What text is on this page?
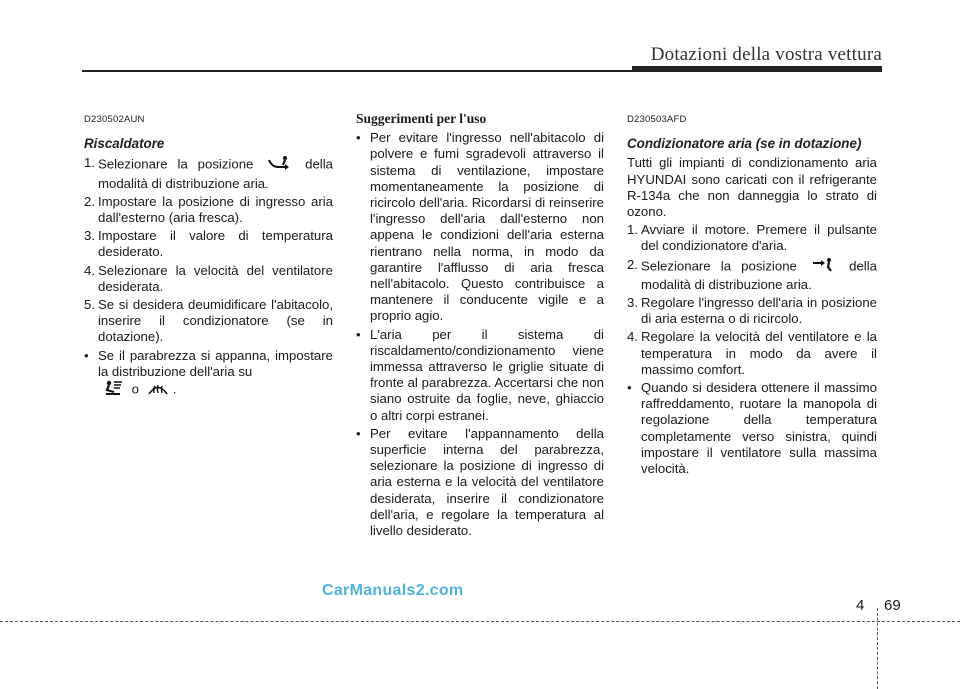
Dotazioni della vostra vettura
D230502AUN
Riscaldatore
1. Selezionare la posizione	della modalità di distribuzione aria.
2. Impostare la posizione di ingresso aria dall'esterno (aria fresca).
3. Impostare il valore di temperatura desiderato.
4. Selezionare la velocità del ventilatore desiderata.
5. Se si desidera deumidificare l'abitacolo, inserire il condizionatore (se in dotazione).
• Se il parabrezza si appanna, impostare la distribuzione dell'aria su
o	.
Suggerimenti per l'uso
• Per evitare l'ingresso nell'abitacolo di polvere e fumi sgradevoli attraverso il sistema di ventilazione, impostare momentaneamente la posizione di ricircolo dell'aria. Ricordarsi di reinserire l'ingresso dell'aria dall'esterno non appena le condizioni dell'aria esterna rientrano nella norma, in modo da garantire l'afflusso di aria fresca nell'abitacolo. Questo contribuisce a mantenere il conducente vigile e a proprio agio.
• L'aria per il sistema di riscaldamento/condizionamento viene immessa attraverso le griglie situate di fronte al parabrezza. Accertarsi che non siano ostruite da foglie, neve, ghiaccio o altri corpi estranei.
• Per evitare l'appannamento della superficie interna del parabrezza, selezionare la posizione di ingresso di aria esterna e la velocità del ventilatore desiderata, inserire il condizionatore dell'aria, e regolare la temperatura al livello desiderato.
D230503AFD
Condizionatore aria (se in dotazione)
Tutti gli impianti di condizionamento aria HYUNDAI sono caricati con il refrigerante R-134a che non danneggia lo strato di ozono.
1. Avviare il motore. Premere il pulsante del condizionatore d'aria.
2. Selezionare la posizione	della modalità di distribuzione aria.
3. Regolare l'ingresso dell'aria in posizione di aria esterna o di ricircolo.
4. Regolare la velocità del ventilatore e la temperatura in modo da avere il massimo comfort.
• Quando si desidera ottenere il massimo raffreddamento, ruotare la manopola di regolazione della temperatura completamente verso sinistra, quindi impostare il ventilatore sulla massima velocità.
CarManuals2.com
4 69
